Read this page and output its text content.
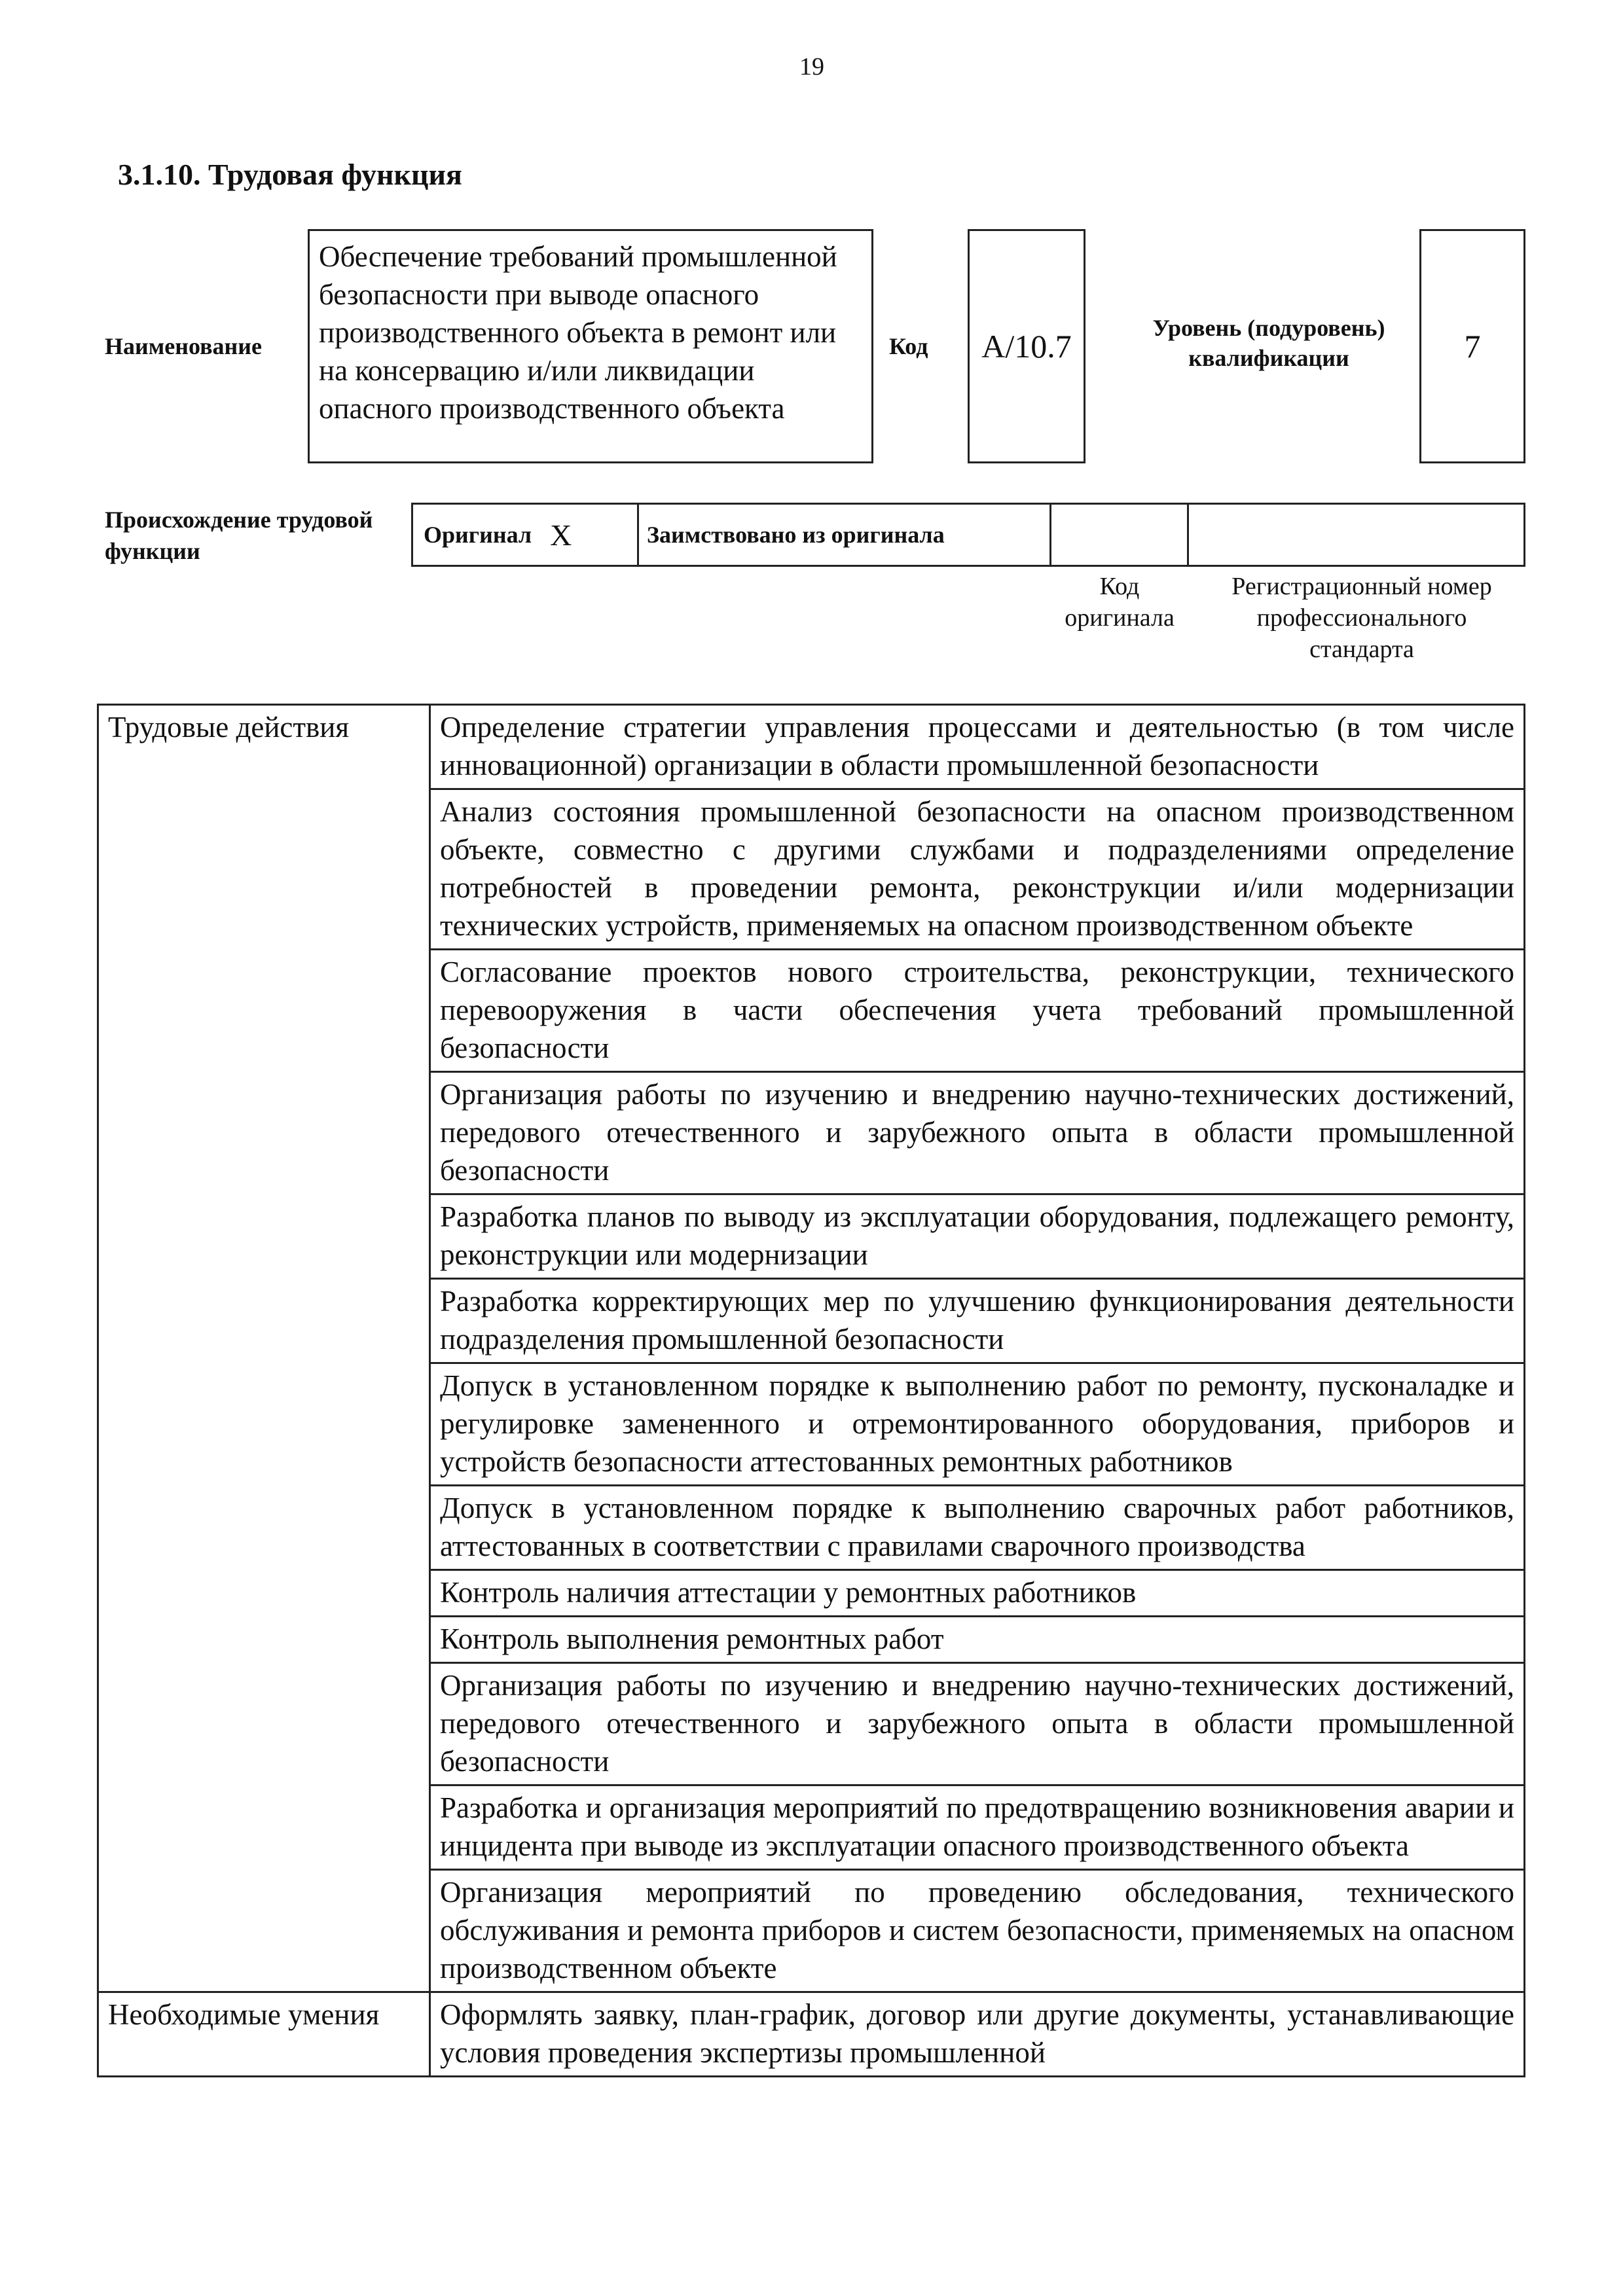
19
3.1.10. Трудовая функция
Наименование
Обеспечение требований промышленной безопасности при выводе опасного производственного объекта в ремонт или на консервацию и/или ликвидации опасного производственного объекта
Код	A/10.7	Уровень (подуровень) квалификации	7
Происхождение трудовой функции
Оригинал X	Заимствовано из оригинала
Код оригинала
Регистрационный номер профессионального стандарта
Трудовые действия	Определение стратегии управления процессами и деятельностью (в том числе инновационной) организации в области промышленной безопасности
	Анализ состояния промышленной безопасности на опасном производственном объекте, совместно с другими службами и подразделениями определение потребностей в проведении ремонта, реконструкции и/или модернизации технических устройств, применяемых на опасном производственном объекте
	Согласование проектов нового строительства, реконструкции, технического перевооружения в части обеспечения учета требований промышленной безопасности
	Организация работы по изучению и внедрению научно-технических достижений, передового отечественного и зарубежного опыта в области промышленной безопасности
	Разработка планов по выводу из эксплуатации оборудования, подлежащего ремонту, реконструкции или модернизации
	Разработка корректирующих мер по улучшению функционирования деятельности подразделения промышленной безопасности
	Допуск в установленном порядке к выполнению работ по ремонту, пусконаладке и регулировке замененного и отремонтированного оборудования, приборов и устройств безопасности аттестованных ремонтных работников
	Допуск в установленном порядке к выполнению сварочных работ работников, аттестованных в соответствии с правилами сварочного производства
	Контроль наличия аттестации у ремонтных работников
	Контроль выполнения ремонтных работ
	Организация работы по изучению и внедрению научно-технических достижений, передового отечественного и зарубежного опыта в области промышленной безопасности
	Разработка и организация мероприятий по предотвращению возникновения аварии и инцидента при выводе из эксплуатации опасного производственного объекта
	Организация мероприятий по проведению обследования, технического обслуживания и ремонта приборов и систем безопасности, применяемых на опасном производственном объекте
Необходимые умения	Оформлять заявку, план-график, договор или другие документы, устанавливающие условия проведения экспертизы промышленной
